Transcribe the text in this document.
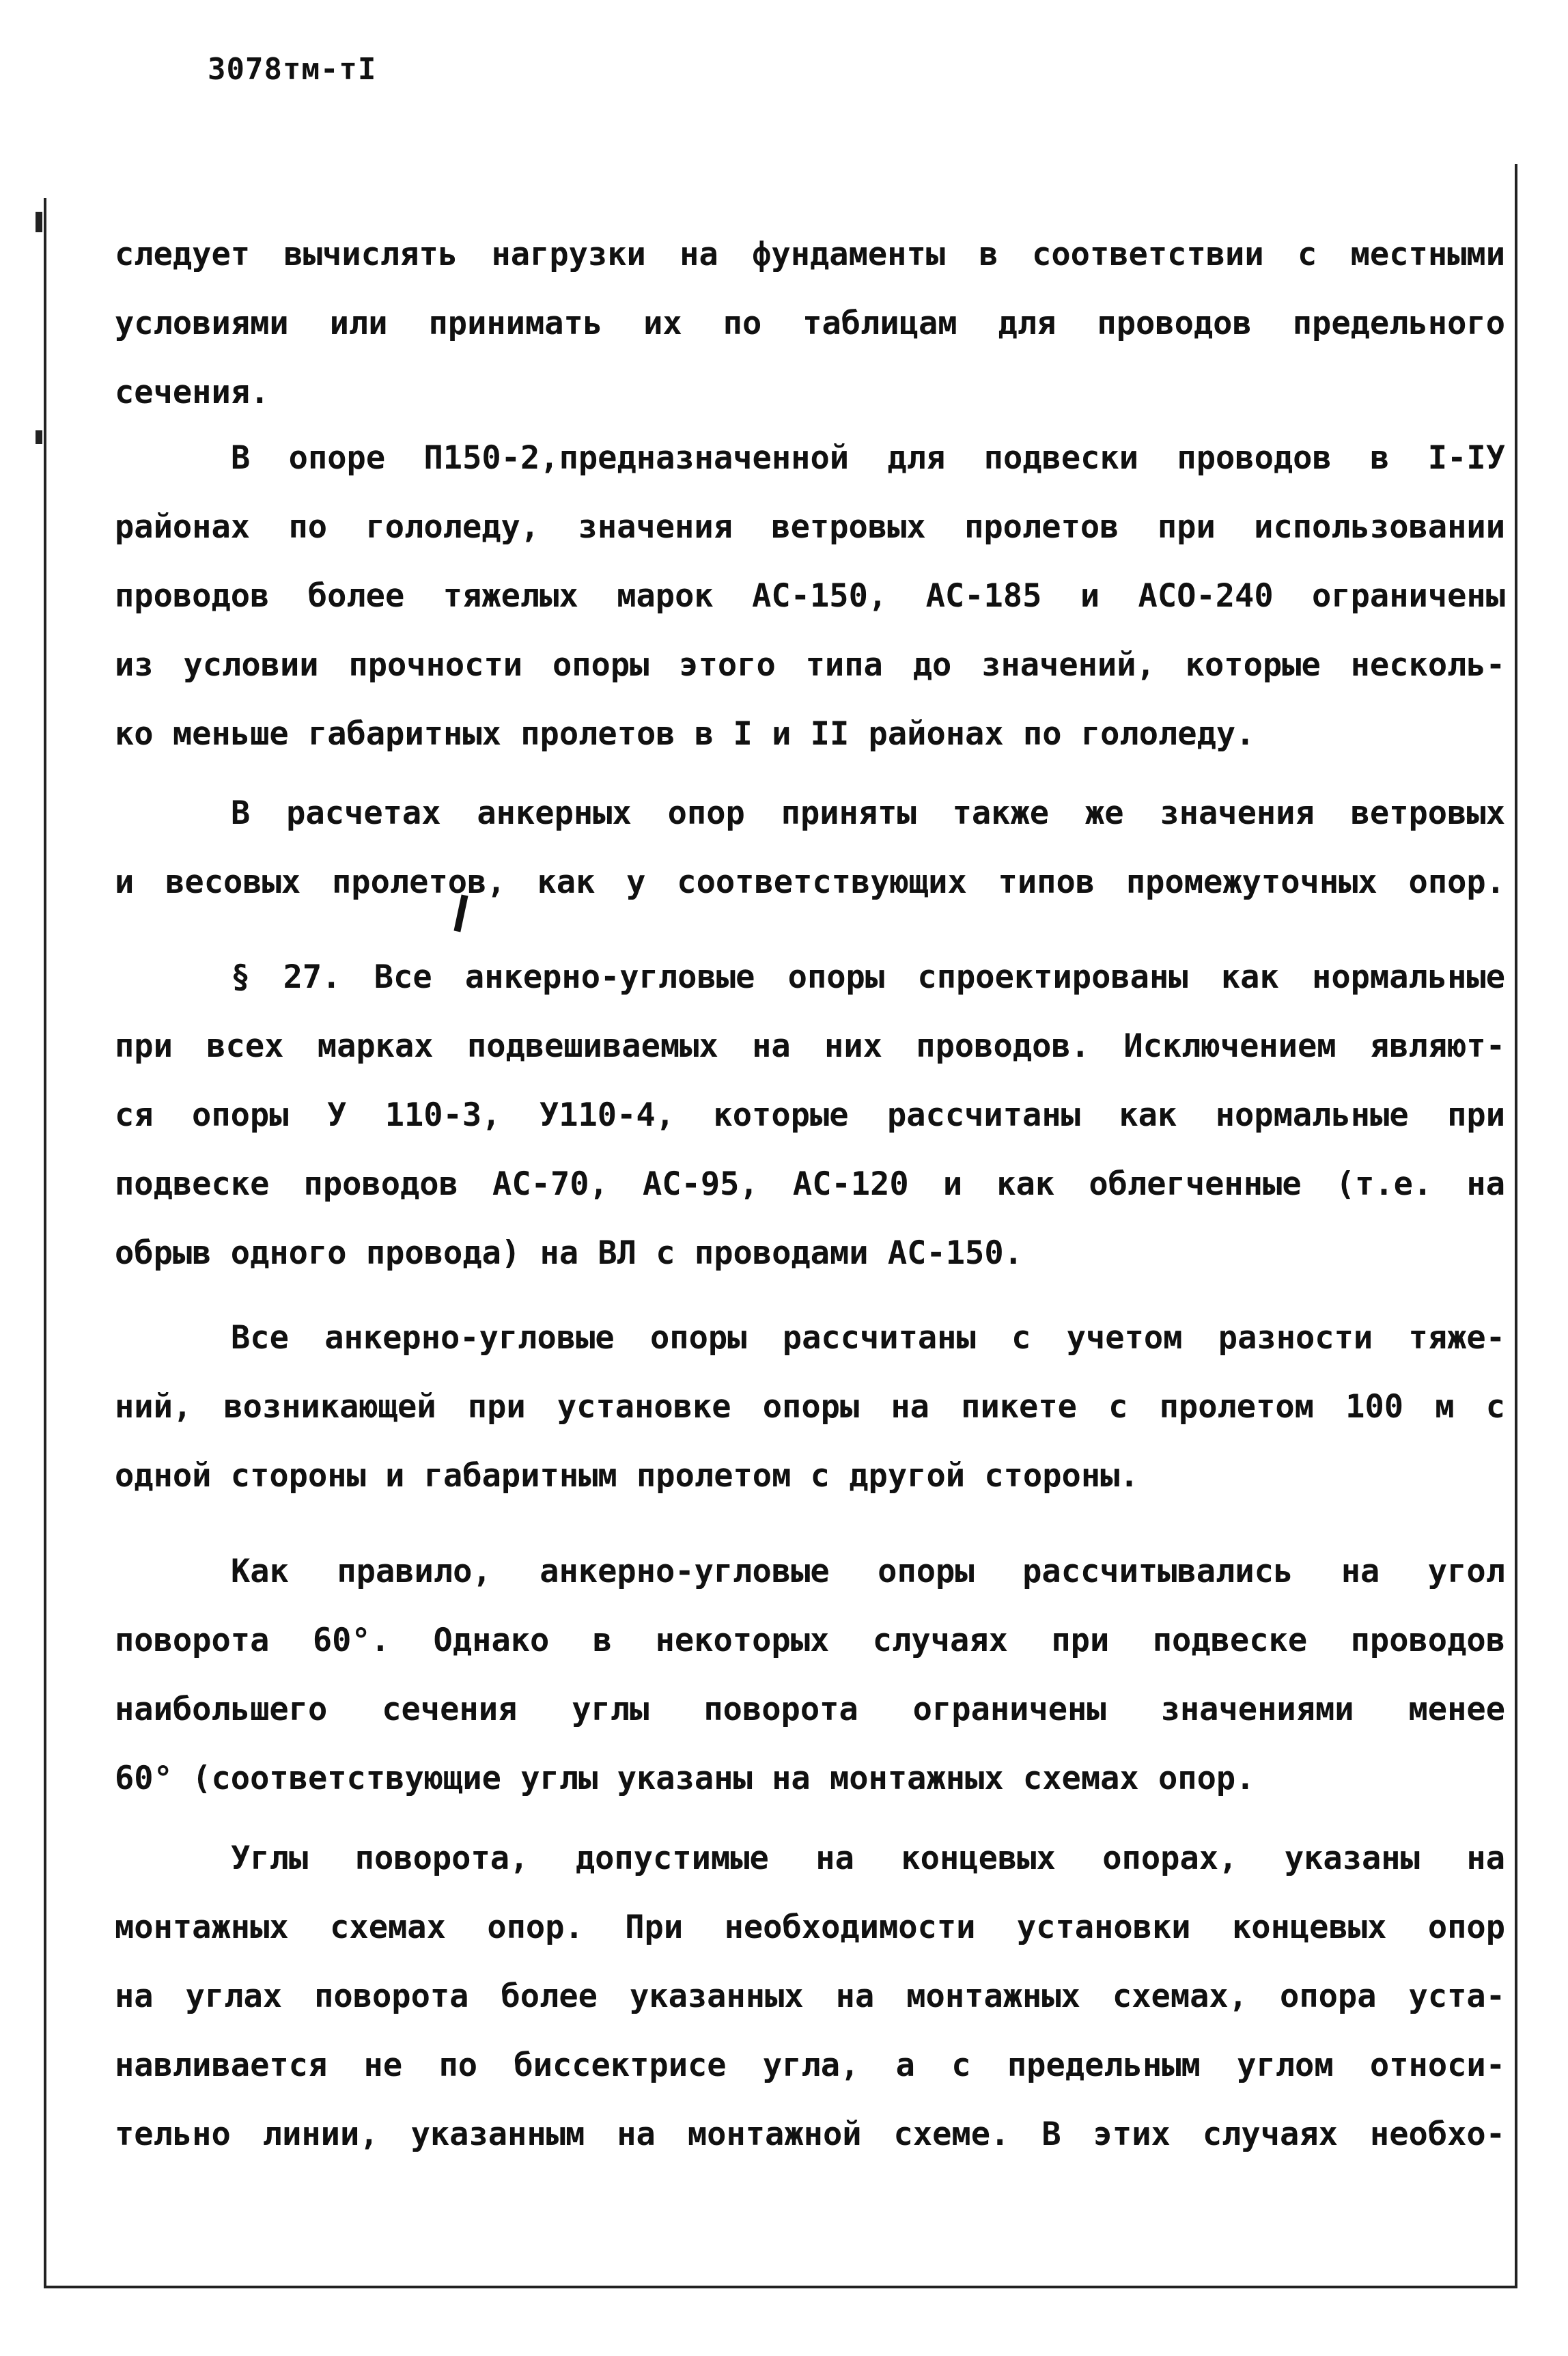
3078тм-тI

следует вычислять нагрузки на фундаменты в соответствии с местными
условиями или принимать их по таблицам для проводов предельного
сечения.

В опоре П150-2,предназначенной для подвески проводов в I-IУ
районах по гололеду, значения ветровых пролетов при использовании
проводов более тяжелых марок АС-150, АС-185 и АСО-240 ограничены
из условии прочности опоры этого типа до значений, которые несколь-
ко меньше габаритных пролетов в I и II районах по гололеду.

В расчетах анкерных опор приняты также же значения ветровых
и весовых пролетов, как у соответствующих типов промежуточных опор.

§ 27. Все анкерно-угловые опоры спроектированы как нормальные
при всех марках подвешиваемых на них проводов. Исключением являют-
ся опоры У 110-3, У110-4, которые рассчитаны как нормальные при
подвеске проводов АС-70, АС-95, АС-120 и как облегченные (т.е. на
обрыв одного провода) на ВЛ с проводами АС-150.

Все анкерно-угловые опоры рассчитаны с учетом разности тяже-
ний, возникающей при установке опоры на пикете с пролетом 100 м с
одной стороны и габаритным пролетом с другой стороны.

Как правило, анкерно-угловые опоры рассчитывались на угол
поворота 60°. Однако в некоторых случаях при подвеске проводов
наибольшего сечения углы поворота ограничены значениями менее
60° (соответствующие углы указаны на монтажных схемах опор.

Углы поворота, допустимые на концевых опорах, указаны на
монтажных схемах опор. При необходимости установки концевых опор
на углах поворота более указанных на монтажных схемах, опора уста-
навливается не по биссектрисе угла, а с предельным углом относи-
тельно линии, указанным на монтажной схеме. В этих случаях необхо-
